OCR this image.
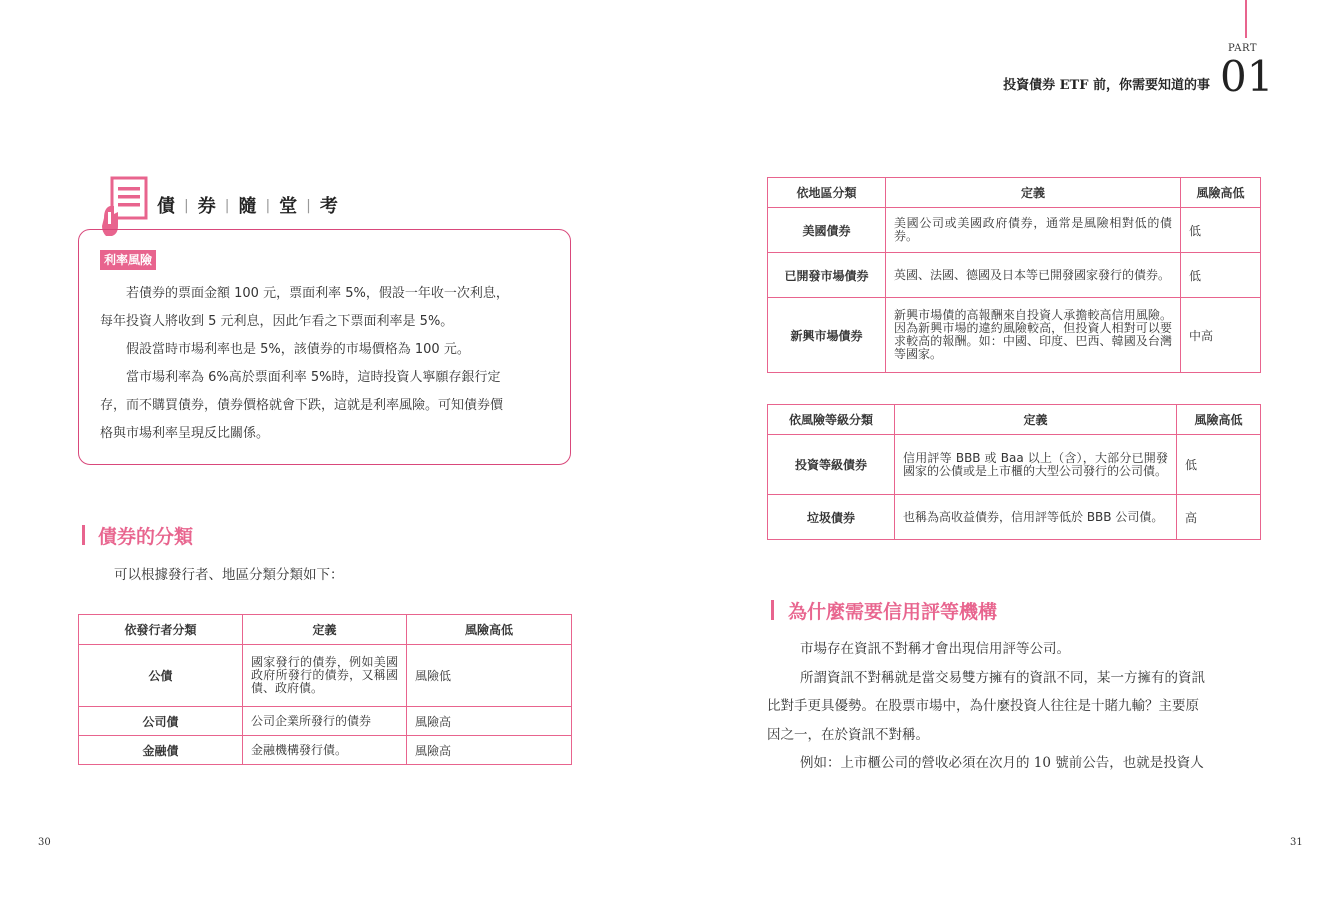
PART
投資債券 ETF 前，你需要知道的事 01
債 | 券 | 隨 | 堂 | 考
利率風險
若債券的票面金額 100 元，票面利率 5%，假設一年收一次利息，
每年投資人將收到 5 元利息，因此乍看之下票面利率是 5%。
假設當時市場利率也是 5%，該債券的市場價格為 100 元。
當市場利率為 6%高於票面利率 5%時，這時投資人寧願存銀行定
存，而不購買債券，債券價格就會下跌，這就是利率風險。可知債券價
格與市場利率呈現反比關係。
債券的分類
可以根據發行者、地區分類分類如下：
依發行者分類	定義	風險高低
公債	國家發行的債券，例如美國政府所發行的債券，又稱國債、政府債。	風險低
公司債	公司企業所發行的債券	風險高
金融債	金融機構發行債。	風險高
依地區分類	定義	風險高低
美國債券	美國公司或美國政府債券，通常是風險相對低的債券。	低
已開發市場債券	英國、法國、德國及日本等已開發國家發行的債券。	低
新興市場債券	新興市場債的高報酬來自投資人承擔較高信用風險。因為新興市場的違約風險較高，但投資人相對可以要求較高的報酬。如：中國、印度、巴西、韓國及台灣等國家。	中高
依風險等級分類	定義	風險高低
投資等級債券	信用評等 BBB 或 Baa 以上（含），大部分已開發國家的公債或是上市櫃的大型公司發行的公司債。	低
垃圾債券	也稱為高收益債券，信用評等低於 BBB 公司債。	高
為什麼需要信用評等機構
市場存在資訊不對稱才會出現信用評等公司。
所謂資訊不對稱就是當交易雙方擁有的資訊不同，某一方擁有的資訊
比對手更具優勢。在股票市場中，為什麼投資人往往是十賭九輸？主要原
因之一，在於資訊不對稱。
例如：上市櫃公司的營收必須在次月的 10 號前公告，也就是投資人
30	31
